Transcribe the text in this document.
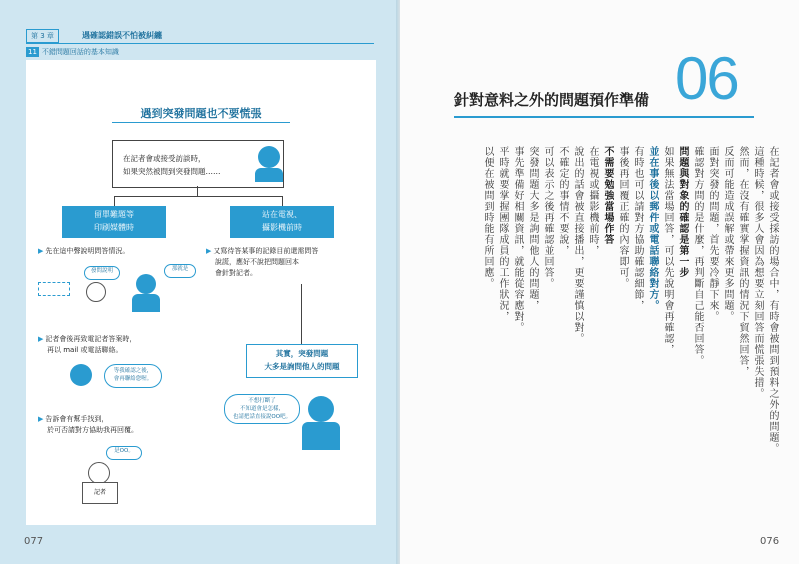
第 3 章	遇確認錯誤不怕被糾纏
11 不錯問題回話的基本知識
遇到突發問題也不要慌張
在記者會或接受訪談時，
如果突然被問到突發問題……
留單難題等
印刷媒體時
站在電視、
攝影機前時
▶ 先在這中聲說明問答情況。
發問說明	那就是
▶ 記者會後再致電記者答案時，
再以 mail 或電話聯絡。
等我確認之後，
會再聯絡您喔。
▶ 告訴會有幫手找到，
於可否請對方協助我再回覆。
是OO。
記者
▶ 又寫待答某事的記錄目前還需問答
說謊，應好不說把問題回本
會針對記者。
其實，突發問題
大多是詢問他人的問題
不想打斷了
不知道會是怎樣，
也請把話直接說OO吧。
077
06
針對意料之外的問題預作準備
在記者會或接受採訪的場合中，有時會被問到預料之外的問題。
這種時候，很多人會因為想要立刻回答而慌張失措。
然而，在沒有確實掌握資訊的情況下貿然回答，
反而可能造成誤解或帶來更多問題。
面對突發的問題，首先要冷靜下來。
確認對方問的是什麼，再判斷自己能否回答。
問題與對象的確認是第一步
如果無法當場回答，可以先說明會再確認，
並在事後以郵件或電話聯絡對方。
有時也可以請對方協助確認細節，
事後再回覆正確的內容即可。
不需要勉強當場作答
在電視或攝影機前時，
說出的話會被直接播出，更要謹慎以對。
不確定的事情不要說，
可以表示之後再確認並回答。
突發問題大多是詢問他人的問題，
事先準備好相關資訊，就能從容應對。
平時就要掌握團隊成員的工作狀況，
以便在被問到時能有所回應。
076
